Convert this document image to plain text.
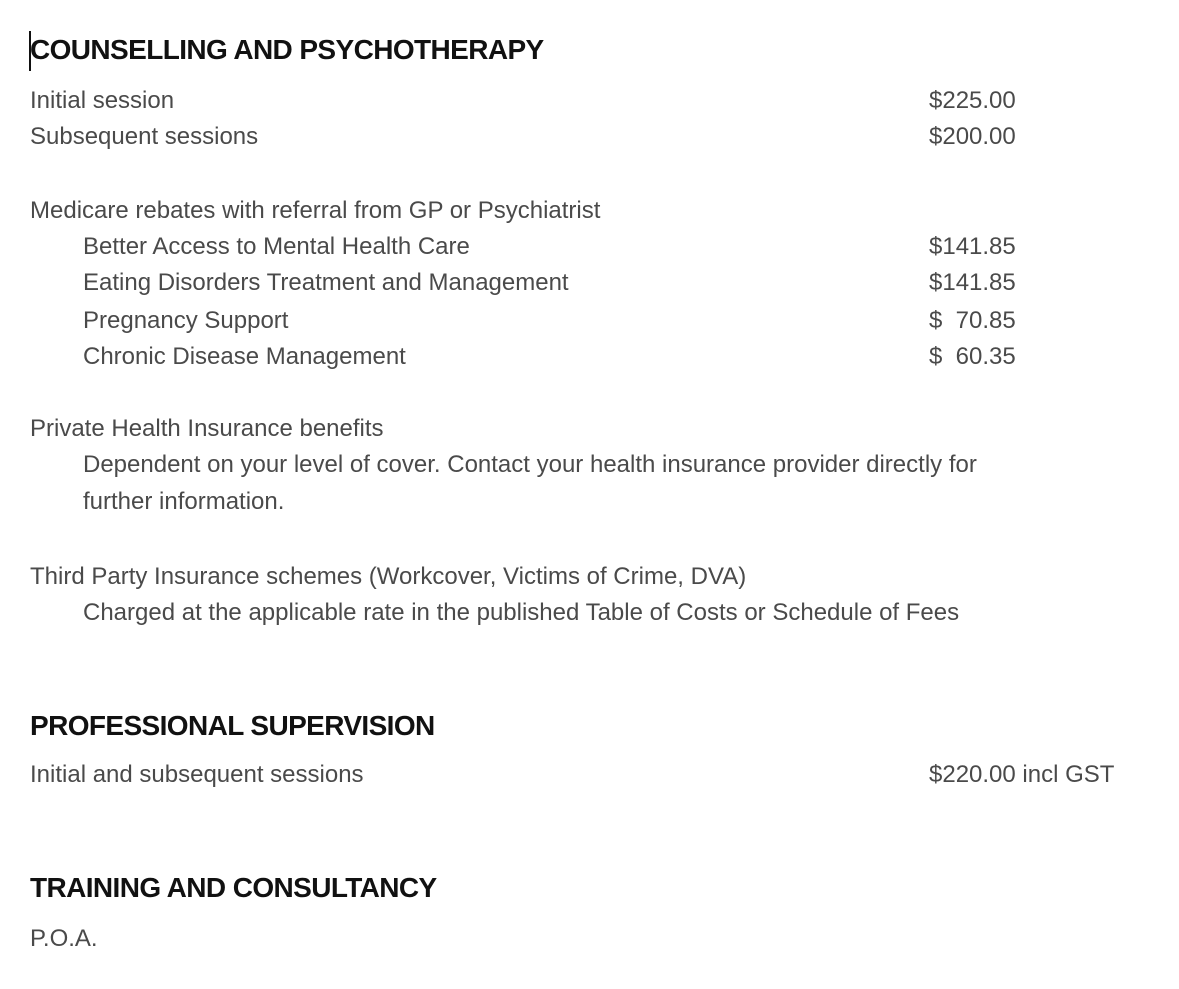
COUNSELLING AND PSYCHOTHERAPY
Initial session	$225.00
Subsequent sessions	$200.00
Medicare rebates with referral from GP or Psychiatrist
Better Access to Mental Health Care	$141.85
Eating Disorders Treatment and Management	$141.85
Pregnancy Support	$  70.85
Chronic Disease Management	$  60.35
Private Health Insurance benefits
Dependent on your level of cover. Contact your health insurance provider directly for
further information.
Third Party Insurance schemes (Workcover, Victims of Crime, DVA)
Charged at the applicable rate in the published Table of Costs or Schedule of Fees
PROFESSIONAL SUPERVISION
Initial and subsequent sessions	$220.00 incl GST
TRAINING AND CONSULTANCY
P.O.A.
